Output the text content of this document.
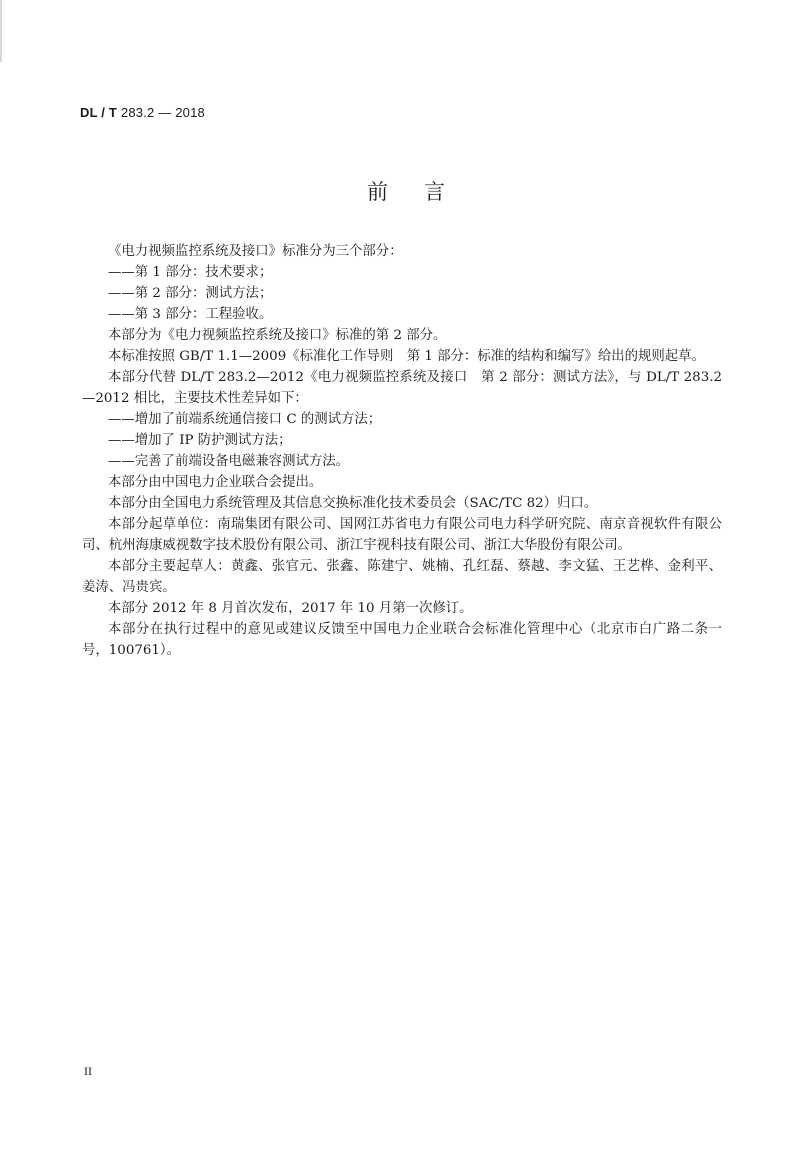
DL / T 283.2 — 2018
前言

《电力视频监控系统及接口》标准分为三个部分：

——第 1 部分：技术要求；

——第 2 部分：测试方法；

——第 3 部分：工程验收。

本部分为《电力视频监控系统及接口》标准的第 2 部分。

本标准按照 GB/T 1.1—2009《标准化工作导则　第 1 部分：标准的结构和编写》给出的规则起草。

本部分代替 DL/T 283.2—2012《电力视频监控系统及接口　第 2 部分：测试方法》，与 DL/T 283.2—2012 相比，主要技术性差异如下：

——增加了前端系统通信接口 C 的测试方法；

——增加了 IP 防护测试方法；

——完善了前端设备电磁兼容测试方法。

本部分由中国电力企业联合会提出。

本部分由全国电力系统管理及其信息交换标准化技术委员会（SAC/TC 82）归口。

本部分起草单位：南瑞集团有限公司、国网江苏省电力有限公司电力科学研究院、南京音视软件有限公司、杭州海康威视数字技术股份有限公司、浙江宇视科技有限公司、浙江大华股份有限公司。

本部分主要起草人：黄鑫、张官元、张鑫、陈建宁、姚楠、孔红磊、蔡越、李文猛、王艺桦、金利平、姜涛、冯贵宾。

本部分 2012 年 8 月首次发布，2017 年 10 月第一次修订。

本部分在执行过程中的意见或建议反馈至中国电力企业联合会标准化管理中心（北京市白广路二条一号，100761）。

II
